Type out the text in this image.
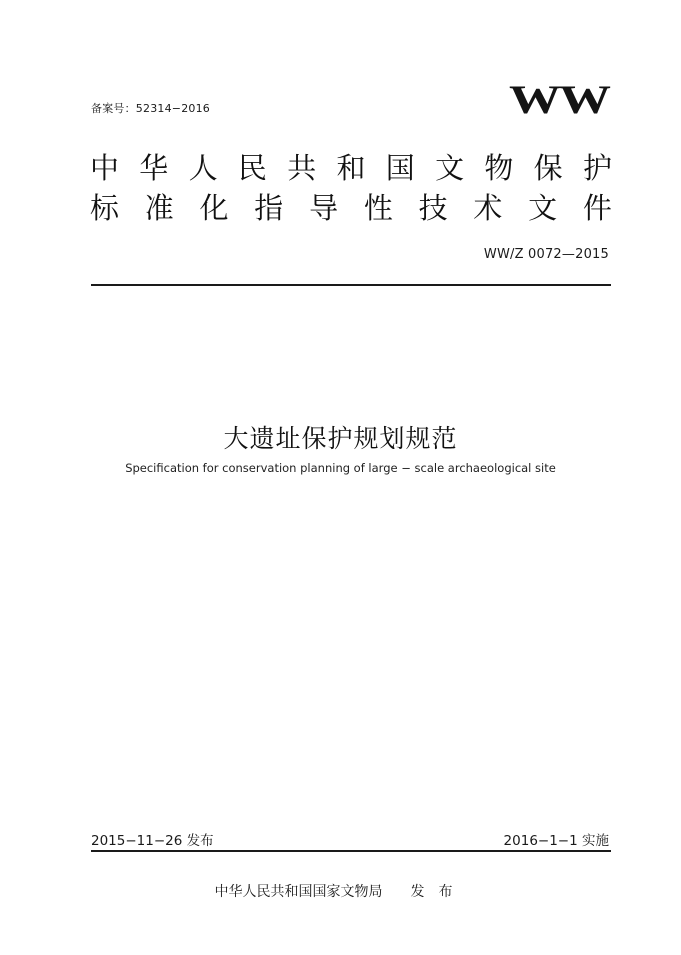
备案号：52314−2016	WW
中 华 人 民 共 和 国 文 物 保 护
标 准 化 指 导 性 技 术 文 件
WW/Z 0072—2015
大遗址保护规划规范
Specification for conservation planning of large − scale archaeological site
2015−11−26 发布	2016−1−1 实施
中华人民共和国国家文物局 发布
